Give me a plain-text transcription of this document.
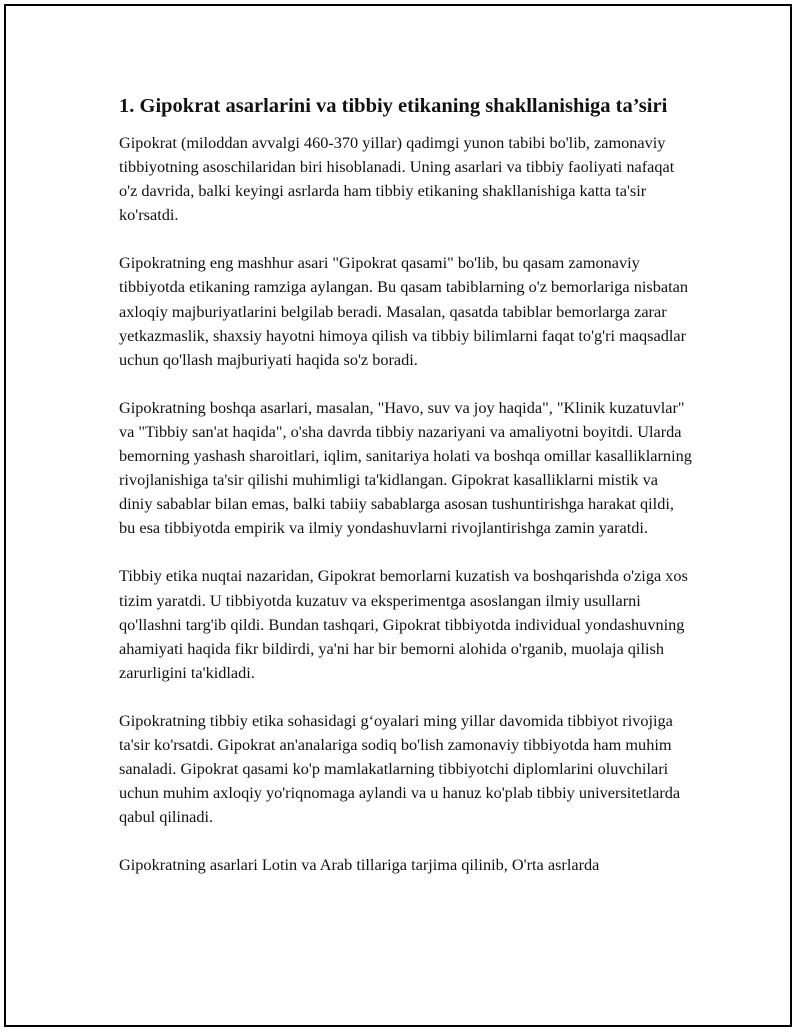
1. Gipokrat asarlarini va tibbiy etikaning shakllanishiga ta’siri

Gipokrat (miloddan avvalgi 460-370 yillar) qadimgi yunon tabibi bo'lib, zamonaviy tibbiyotning asoschilaridan biri hisoblanadi. Uning asarlari va tibbiy faoliyati nafaqat o'z davrida, balki keyingi asrlarda ham tibbiy etikaning shakllanishiga katta ta'sir ko'rsatdi.

Gipokratning eng mashhur asari "Gipokrat qasami" bo'lib, bu qasam zamonaviy tibbiyotda etikaning ramziga aylangan. Bu qasam tabiblarning o'z bemorlariga nisbatan axloqiy majburiyatlarini belgilab beradi. Masalan, qasatda tabiblar bemorlarga zarar yetkazmaslik, shaxsiy hayotni himoya qilish va tibbiy bilimlarni faqat to'g'ri maqsadlar uchun qo'llash majburiyati haqida so'z boradi.

Gipokratning boshqa asarlari, masalan, "Havo, suv va joy haqida", "Klinik kuzatuvlar" va "Tibbiy san'at haqida", o'sha davrda tibbiy nazariyani va amaliyotni boyitdi. Ularda bemorning yashash sharoitlari, iqlim, sanitariya holati va boshqa omillar kasalliklarning rivojlanishiga ta'sir qilishi muhimligi ta'kidlangan. Gipokrat kasalliklarni mistik va diniy sabablar bilan emas, balki tabiiy sabablarga asosan tushuntirishga harakat qildi, bu esa tibbiyotda empirik va ilmiy yondashuvlarni rivojlantirishga zamin yaratdi.

Tibbiy etika nuqtai nazaridan, Gipokrat bemorlarni kuzatish va boshqarishda o'ziga xos tizim yaratdi. U tibbiyotda kuzatuv va eksperimentga asoslangan ilmiy usullarni qo'llashni targ'ib qildi. Bundan tashqari, Gipokrat tibbiyotda individual yondashuvning ahamiyati haqida fikr bildirdi, ya'ni har bir bemorni alohida o'rganib, muolaja qilish zarurligini ta'kidladi.

Gipokratning tibbiy etika sohasidagi g‘oyalari ming yillar davomida tibbiyot rivojiga ta'sir ko'rsatdi. Gipokrat an'analariga sodiq bo'lish zamonaviy tibbiyotda ham muhim sanaladi. Gipokrat qasami ko'p mamlakatlarning tibbiyotchi diplomlarini oluvchilari uchun muhim axloqiy yo'riqnomaga aylandi va u hanuz ko'plab tibbiy universitetlarda qabul qilinadi.

Gipokratning asarlari Lotin va Arab tillariga tarjima qilinib, O'rta asrlarda
